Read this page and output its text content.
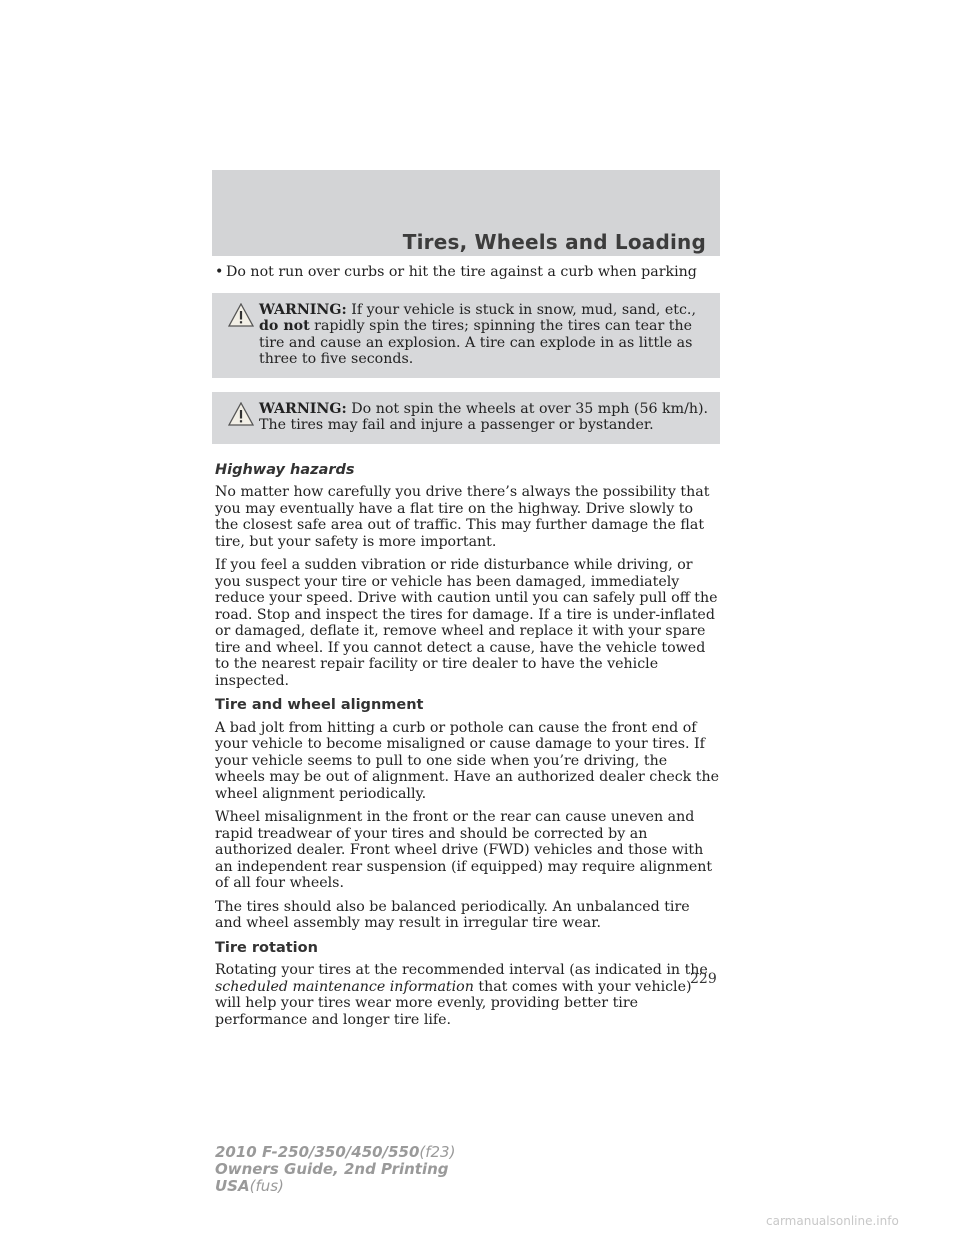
Tires, Wheels and Loading
• Do not run over curbs or hit the tire against a curb when parking
WARNING: If your vehicle is stuck in snow, mud, sand, etc., do not rapidly spin the tires; spinning the tires can tear the tire and cause an explosion. A tire can explode in as little as three to five seconds.
WARNING: Do not spin the wheels at over 35 mph (56 km/h). The tires may fail and injure a passenger or bystander.
Highway hazards

No matter how carefully you drive there’s always the possibility that you may eventually have a flat tire on the highway. Drive slowly to the closest safe area out of traffic. This may further damage the flat tire, but your safety is more important.

If you feel a sudden vibration or ride disturbance while driving, or you suspect your tire or vehicle has been damaged, immediately reduce your speed. Drive with caution until you can safely pull off the road. Stop and inspect the tires for damage. If a tire is under-inflated or damaged, deflate it, remove wheel and replace it with your spare tire and wheel. If you cannot detect a cause, have the vehicle towed to the nearest repair facility or tire dealer to have the vehicle inspected.

Tire and wheel alignment

A bad jolt from hitting a curb or pothole can cause the front end of your vehicle to become misaligned or cause damage to your tires. If your vehicle seems to pull to one side when you’re driving, the wheels may be out of alignment. Have an authorized dealer check the wheel alignment periodically.

Wheel misalignment in the front or the rear can cause uneven and rapid treadwear of your tires and should be corrected by an authorized dealer. Front wheel drive (FWD) vehicles and those with an independent rear suspension (if equipped) may require alignment of all four wheels.

The tires should also be balanced periodically. An unbalanced tire and wheel assembly may result in irregular tire wear.

Tire rotation

Rotating your tires at the recommended interval (as indicated in the scheduled maintenance information that comes with your vehicle) will help your tires wear more evenly, providing better tire performance and longer tire life.

229
2010 F-250/350/450/550(f23)
Owners Guide, 2nd Printing
USA(fus)
carmanualsonline.info
